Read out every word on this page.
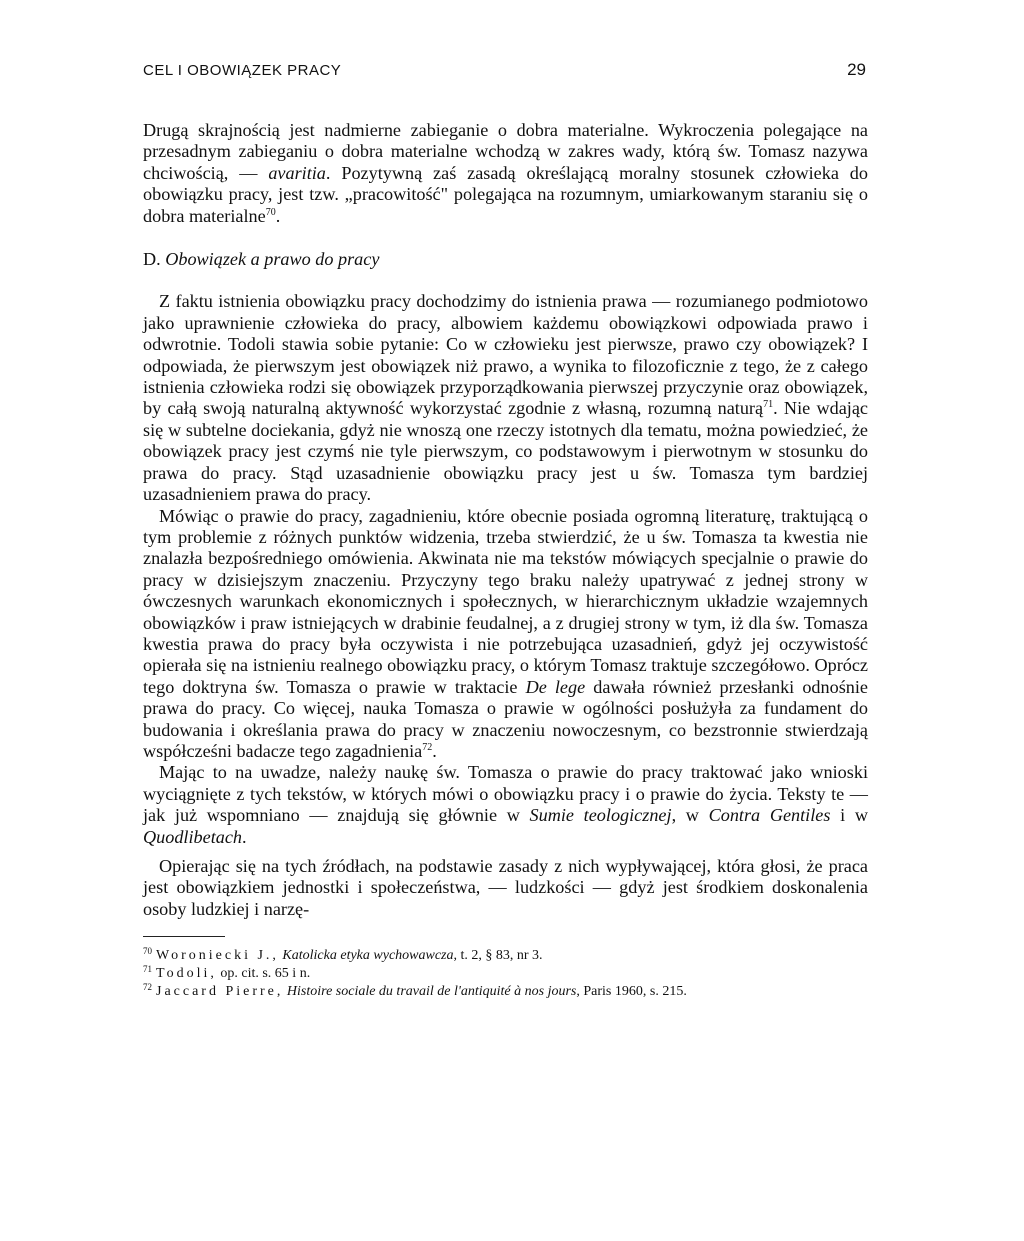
CEL I OBOWIĄZEK PRACY	29

Drugą skrajnością jest nadmierne zabieganie o dobra materialne. Wykroczenia polegające na przesadnym zabieganiu o dobra materialne wchodzą w zakres wady, którą św. Tomasz nazywa chciwością, — avaritia. Pozytywną zaś zasadą określającą moralny stosunek człowieka do obowiązku pracy, jest tzw. „pracowitość" polegająca na rozumnym, umiarkowanym staraniu się o dobra materialne$^{70}$.

D. Obowiązek a prawo do pracy

Z faktu istnienia obowiązku pracy dochodzimy do istnienia prawa — rozumianego podmiotowo jako uprawnienie człowieka do pracy, albowiem każdemu obowiązkowi odpowiada prawo i odwrotnie. Todoli stawia sobie pytanie: Co w człowieku jest pierwsze, prawo czy obowiązek? I odpowiada, że pierwszym jest obowiązek niż prawo, a wynika to filozoficznie z tego, że z całego istnienia człowieka rodzi się obowiązek przyporządkowania pierwszej przyczynie oraz obowiązek, by całą swoją naturalną aktywność wykorzystać zgodnie z własną, rozumną naturą$^{71}$. Nie wdając się w subtelne dociekania, gdyż nie wnoszą one rzeczy istotnych dla tematu, można powiedzieć, że obowiązek pracy jest czymś nie tyle pierwszym, co podstawowym i pierwotnym w stosunku do prawa do pracy. Stąd uzasadnienie obowiązku pracy jest u św. Tomasza tym bardziej uzasadnieniem prawa do pracy.

Mówiąc o prawie do pracy, zagadnieniu, które obecnie posiada ogromną literaturę, traktującą o tym problemie z różnych punktów widzenia, trzeba stwierdzić, że u św. Tomasza ta kwestia nie znalazła bezpośredniego omówienia. Akwinata nie ma tekstów mówiących specjalnie o prawie do pracy w dzisiejszym znaczeniu. Przyczyny tego braku należy upatrywać z jednej strony w ówczesnych warunkach ekonomicznych i społecznych, w hierarchicznym układzie wzajemnych obowiązków i praw istniejących w drabinie feudalnej, a z drugiej strony w tym, iż dla św. Tomasza kwestia prawa do pracy była oczywista i nie potrzebująca uzasadnień, gdyż jej oczywistość opierała się na istnieniu realnego obowiązku pracy, o którym Tomasz traktuje szczegółowo. Oprócz tego doktryna św. Tomasza o prawie w traktacie De lege dawała również przesłanki odnośnie prawa do pracy. Co więcej, nauka Tomasza o prawie w ogólności posłużyła za fundament do budowania i określania prawa do pracy w znaczeniu nowoczesnym, co bezstronnie stwierdzają współcześni badacze tego zagadnienia$^{72}$.

Mając to na uwadze, należy naukę św. Tomasza o prawie do pracy traktować jako wnioski wyciągnięte z tych tekstów, w których mówi o obowiązku pracy i o prawie do życia. Teksty te — jak już wspomniano — znajdują się głównie w Sumie teologicznej, w Contra Gentiles i w Quodlibetach.

Opierając się na tych źródłach, na podstawie zasady z nich wypływającej, która głosi, że praca jest obowiązkiem jednostki i społeczeństwa, — ludzkości — gdyż jest środkiem doskonalenia osoby ludzkiej i narzę-

$^{70}$ Woroniecki J., Katolicka etyka wychowawcza, t. 2, § 83, nr 3.

$^{71}$ Todoli, op. cit. s. 65 i n.

$^{72}$ Jaccard Pierre, Histoire sociale du travail de l'antiquité à nos jours, Paris 1960, s. 215.
